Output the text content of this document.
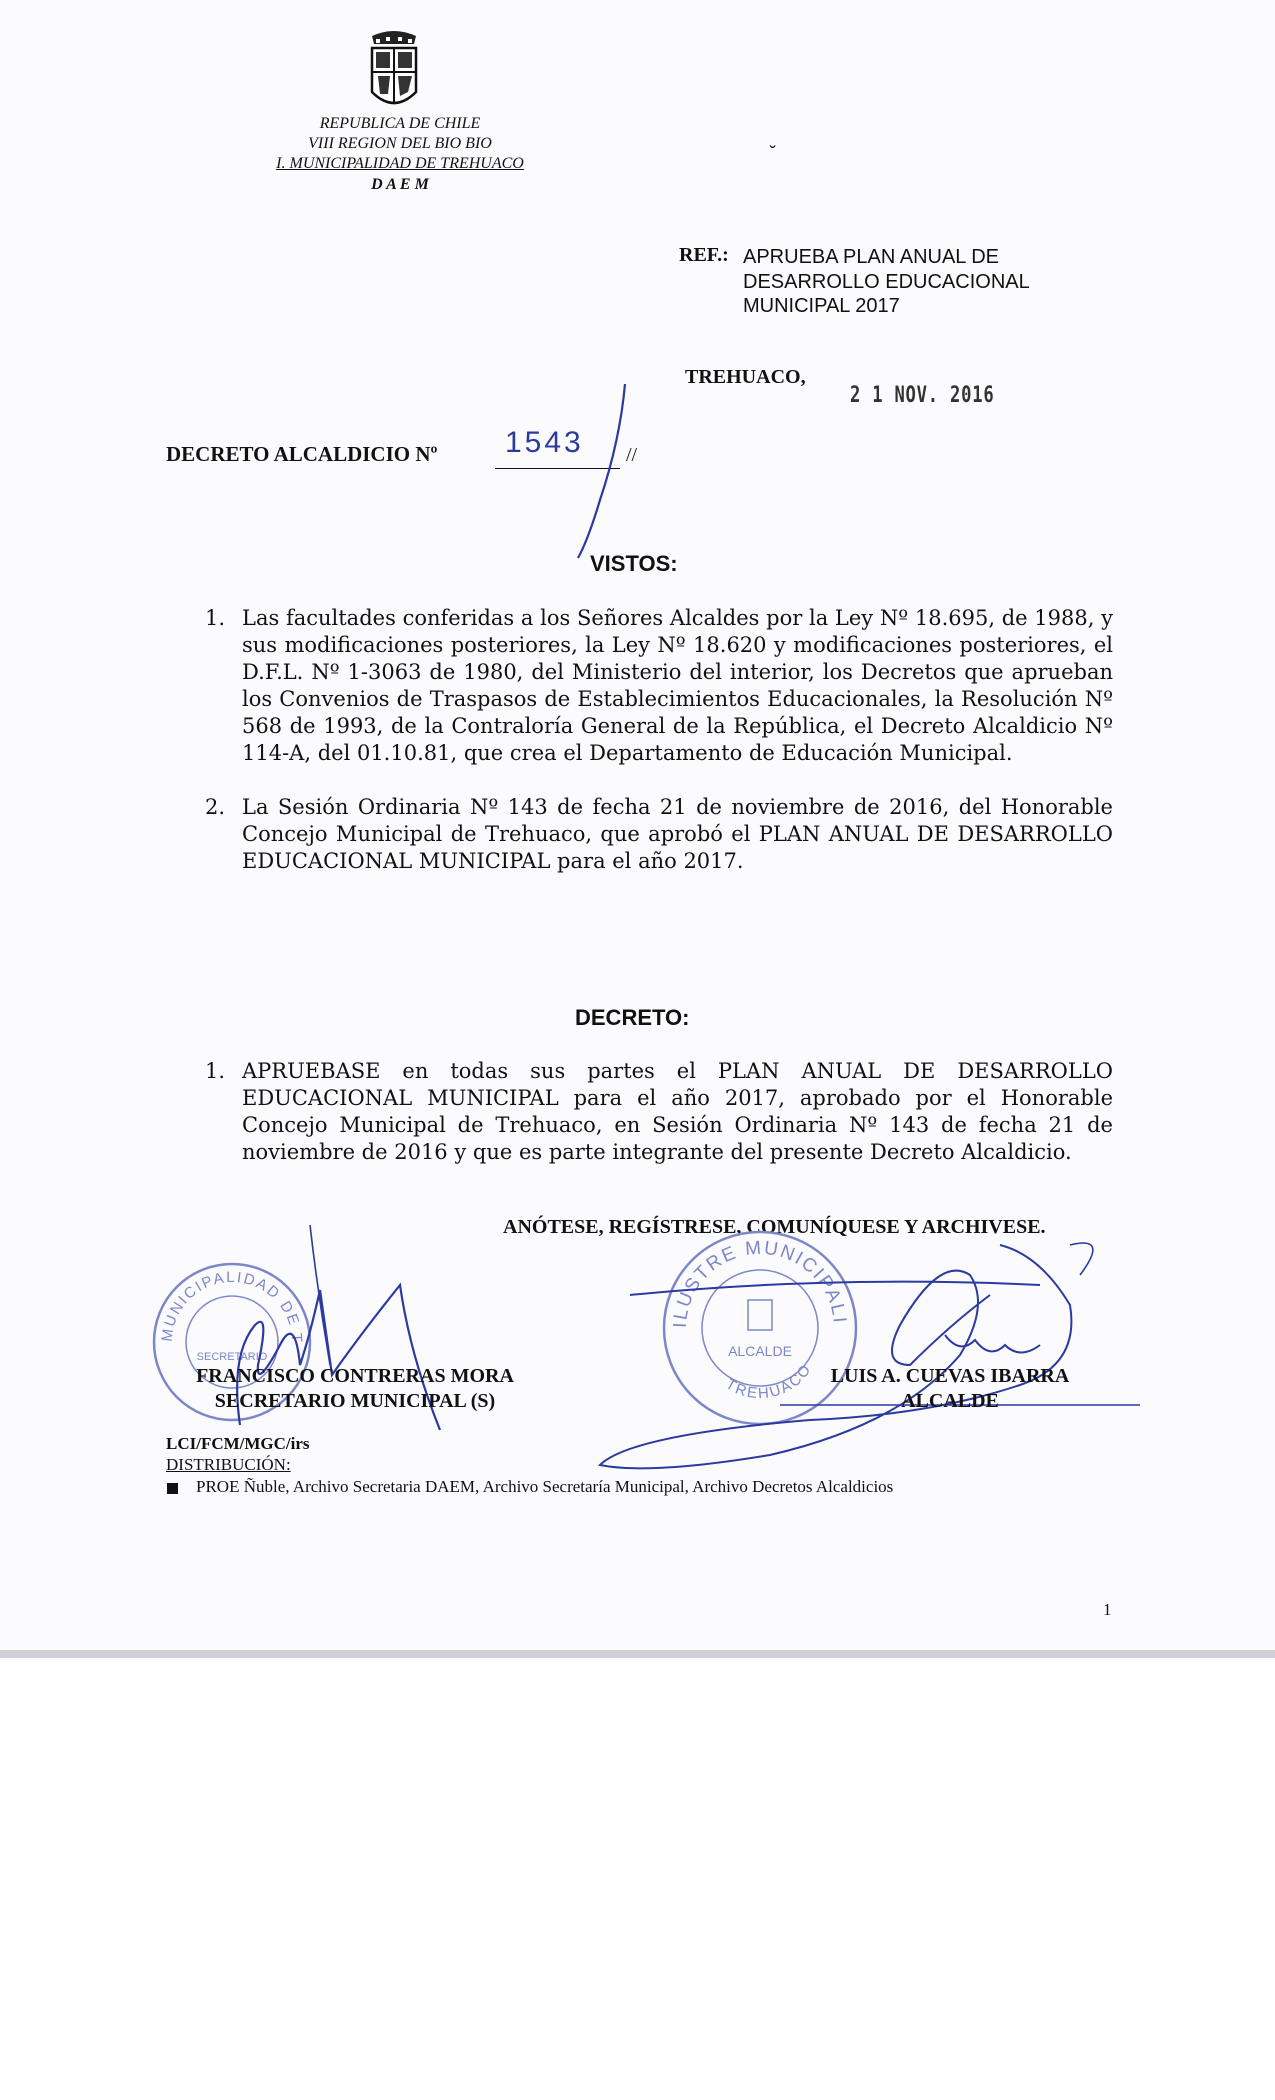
REPUBLICA DE CHILE
VIII REGION DEL BIO BIO
I. MUNICIPALIDAD DE TREHUACO
D A E M
˘
REF.: APRUEBA PLAN ANUAL DE
DESARROLLO EDUCACIONAL
MUNICIPAL 2017
TREHUACO,
2 1 NOV. 2016
DECRETO ALCALDICIO Nº 1543 //
VISTOS:
1. Las facultades conferidas a los Señores Alcaldes por la Ley Nº 18.695, de 1988, y sus modificaciones posteriores, la Ley Nº 18.620 y modificaciones posteriores, el D.F.L. Nº 1-3063 de 1980, del Ministerio del interior, los Decretos que aprueban los Convenios de Traspasos de Establecimientos Educacionales, la Resolución Nº 568 de 1993, de la Contraloría General de la República, el Decreto Alcaldicio Nº 114-A, del 01.10.81, que crea el Departamento de Educación Municipal.
2. La Sesión Ordinaria Nº 143 de fecha 21 de noviembre de 2016, del Honorable Concejo Municipal de Trehuaco, que aprobó el PLAN ANUAL DE DESARROLLO EDUCACIONAL MUNICIPAL para el año 2017.
DECRETO:
1. APRUEBASE en todas sus partes el PLAN ANUAL DE DESARROLLO EDUCACIONAL MUNICIPAL para el año 2017, aprobado por el Honorable Concejo Municipal de Trehuaco, en Sesión Ordinaria Nº 143 de fecha 21 de noviembre de 2016 y que es parte integrante del presente Decreto Alcaldicio.
ANÓTESE, REGÍSTRESE, COMUNÍQUESE Y ARCHIVESE.
MUNICIPALIDAD DE T
SECRETARIO
ILUSTRE MUNICIPALI
TREHUACO
ALCALDE
FRANCISCO CONTRERAS MORA
SECRETARIO MUNICIPAL (S)
LUIS A. CUEVAS IBARRA
ALCALDE
LCI/FCM/MGC/irs
DISTRIBUCIÓN:
PROE Ñuble, Archivo Secretaria DAEM, Archivo Secretaría Municipal, Archivo Decretos Alcaldicios
1
